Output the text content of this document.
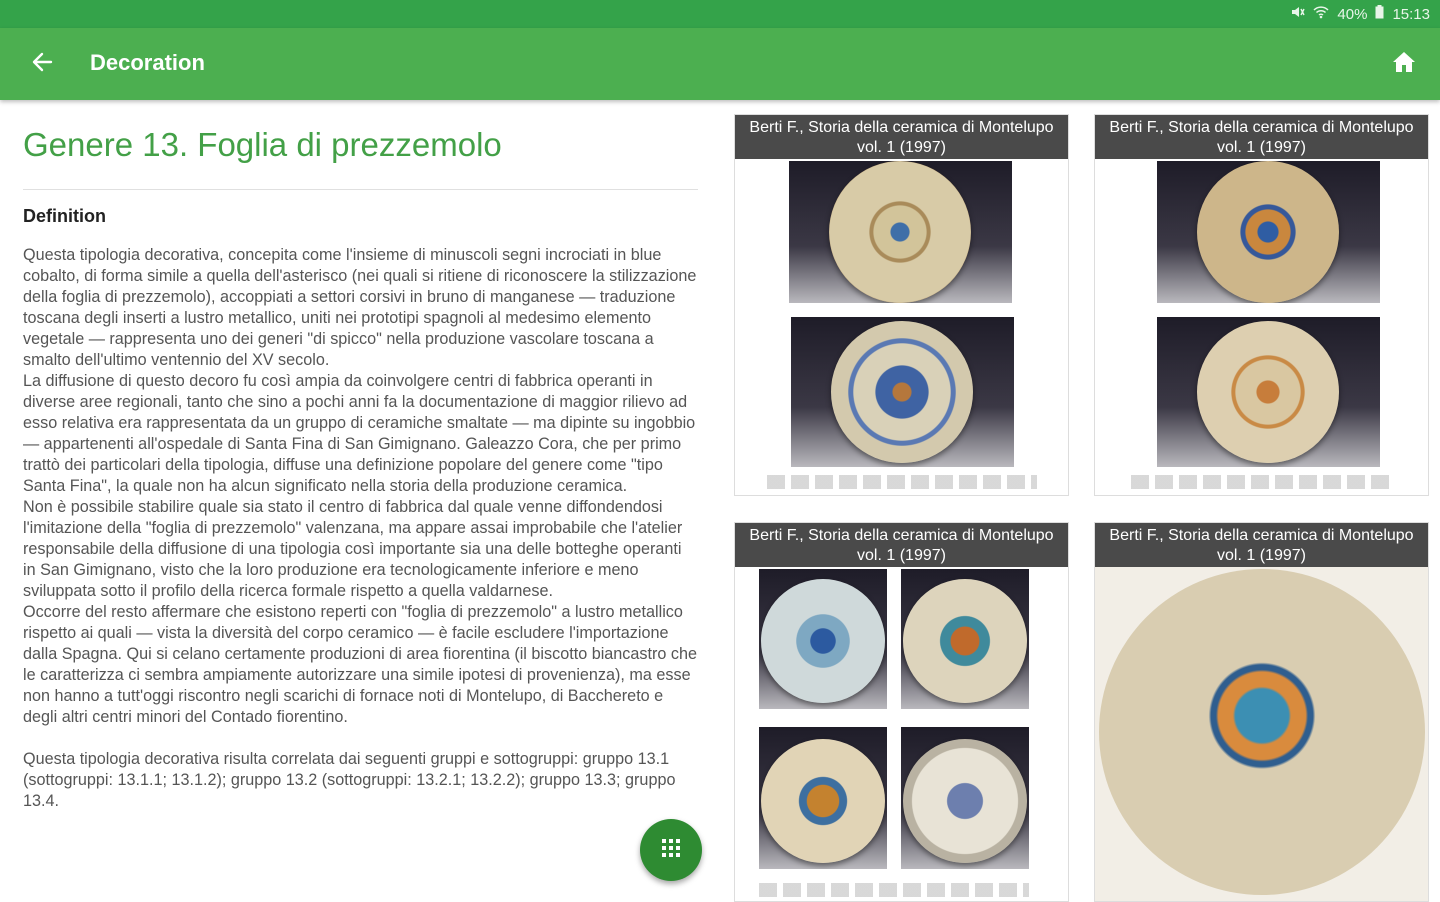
40% 15:13
Decoration
Genere 13. Foglia di prezzemolo
Definition

Questa tipologia decorativa, concepita come l'insieme di minuscoli segni incrociati in blue cobalto, di forma simile a quella dell'asterisco (nei quali si ritiene di riconoscere la stilizzazione della foglia di prezzemolo), accoppiati a settori corsivi in bruno di manganese — traduzione toscana degli inserti a lustro metallico, uniti nei prototipi spagnoli al medesimo elemento vegetale — rappresenta uno dei generi "di spicco" nella produzione vascolare toscana a smalto dell'ultimo ventennio del XV secolo.

La diffusione di questo decoro fu così ampia da coinvolgere centri di fabbrica operanti in diverse aree regionali, tanto che sino a pochi anni fa la documentazione di maggior rilievo ad esso relativa era rappresentata da un gruppo di ceramiche smaltate — ma dipinte su ingobbio — appartenenti all'ospedale di Santa Fina di San Gimignano. Galeazzo Cora, che per primo trattò dei particolari della tipologia, diffuse una definizione popolare del genere come "tipo Santa Fina", la quale non ha alcun significato nella storia della produzione ceramica.

Non è possibile stabilire quale sia stato il centro di fabbrica dal quale venne diffondendosi l'imitazione della "foglia di prezzemolo" valenzana, ma appare assai improbabile che l'atelier responsabile della diffusione di una tipologia così importante sia una delle botteghe operanti in San Gimignano, visto che la loro produzione era tecnologicamente inferiore e meno sviluppata sotto il profilo della ricerca formale rispetto a quella valdarnese.

Occorre del resto affermare che esistono reperti con "foglia di prezzemolo" a lustro metallico rispetto ai quali — vista la diversità del corpo ceramico — è facile escludere l'importazione dalla Spagna. Qui si celano certamente produzioni di area fiorentina (il biscotto biancastro che le caratterizza ci sembra ampiamente autorizzare una simile ipotesi di provenienza), ma esse non hanno a tutt'oggi riscontro negli scarichi di fornace noti di Montelupo, di Bacchereto e degli altri centri minori del Contado fiorentino.

Questa tipologia decorativa risulta correlata dai seguenti gruppi e sottogruppi: gruppo 13.1 (sottogruppi: 13.1.1; 13.1.2); gruppo 13.2 (sottogruppi: 13.2.1; 13.2.2); gruppo 13.3; gruppo 13.4.

Berti F., Storia della ceramica di Montelupo vol. 1 (1997)
Berti F., Storia della ceramica di Montelupo vol. 1 (1997)
Berti F., Storia della ceramica di Montelupo vol. 1 (1997)
Berti F., Storia della ceramica di Montelupo vol. 1 (1997)
